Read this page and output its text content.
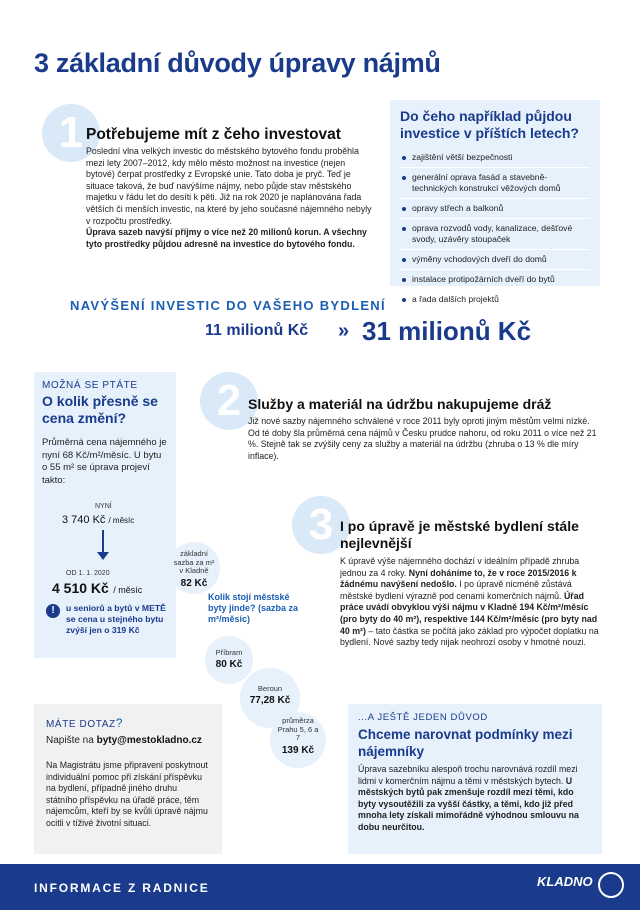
3 základní důvody úpravy nájmů
1 Potřebujeme mít z čeho investovat

Poslední vlna velkých investic do městského bytového fondu proběhla mezi lety 2007–2012, kdy mělo město možnost na investice (nejen bytové) čerpat prostředky z Evropské unie. Tato doba je pryč. Teď je situace taková, že buď navýšíme nájmy, nebo půjde stav městského majetku v řádu let do desíti k pěti. Již na rok 2020 je naplánována řada větších či menších investic, na které by jeho současné nájemného nebyly v rozpočtu prostředky.

Úprava sazeb navýší příjmy o více než 20 milionů korun. A všechny tyto prostředky půjdou adresně na investice do bytového fondu.

Do čeho například půjdou investice v příštích letech?

zajištění větší bezpečnosti
generální oprava fasád a stavebně-technických konstrukcí věžových domů
opravy střech a balkonů
oprava rozvodů vody, kanalizace, dešťové svody, uzávěry stoupaček
výměny vchodových dveří do domů
instalace protipožárních dveří do bytů
a řada dalších projektů
NAVÝŠENÍ INVESTIC DO VAŠEHO BYDLENÍ
11 milionů Kč » 31 milionů Kč
MOŽNÁ SE PTÁTE

O kolik přesně se cena změní?

Průměrná cena nájemného je nyní 68 Kč/m²/měsíc. U bytu o 55 m² se úprava projeví takto:

NYNÍ
3 740 Kč / měsíc
OD 1. 1. 2020
4 510 Kč / měsíc
!	u seniorů a bytů v METĚ se cena u stejného bytu zvýší jen o 319 Kč
2 Služby a materiál na údržbu nakupujeme dráž

Již nové sazby nájemného schválené v roce 2011 byly oproti jiným městům velmi nízké. Od té doby šla průměrná cena nájmů v Česku prudce nahoru, od roku 2011 o více než 21 %. Stejně tak se zvýšily ceny za služby a materiál na údržbu (zhruba o 13 % dle míry inflace).

základní sazba za m² v Kladně
82 Kč
Kolik stojí městské byty jinde? (sazba za m²/měsíc)
Příbram
80 Kč
Beroun
77,28 Kč
průměrza Prahu 5, 6 a 7
139 Kč
3 I po úpravě je městské bydlení stále nejlevnější

K úpravě výše nájemného dochází v ideálním případě zhruba jednou za 4 roky. Nyní doháníme to, že v roce 2015/2016 k žádnému navýšení nedošlo. I po úpravě nicméně zůstává městské bydlení výrazně pod cenami komerčních nájmů. Úřad práce uvádí obvyklou výši nájmu v Kladně 194 Kč/m²/měsíc (pro byty do 40 m²), respektive 144 Kč/m²/měsíc (pro byty nad 40 m²) – tato částka se počítá jako základ pro výpočet doplatku na bydlení. Nové sazby tedy nijak neohrozí osoby v hmotné nouzi.

MÁTE DOTAZ?
Napište na byty@mestokladno.cz

Na Magistrátu jsme připraveni poskytnout individuální pomoc při získání příspěvku na bydlení, případně jiného druhu státního příspěvku na úřadě práce, těm nájemcům, kteří by se kvůli úpravě nájmu ocitli v tíživé životní situaci.

...A JEŠTĚ JEDEN DŮVOD

Chceme narovnat podmínky mezi nájemníky

Úprava sazebníku alespoň trochu narovnává rozdíl mezi lidmi v komerčním nájmu a těmi v městských bytech. U městských bytů pak zmenšuje rozdíl mezi těmi, kdo byty vysoutěžili za vyšší částky, a těmi, kdo již před mnoha lety získali mimořádně výhodnou smlouvu na dobu neurčitou.

INFORMACE Z RADNICE	KLADNO
